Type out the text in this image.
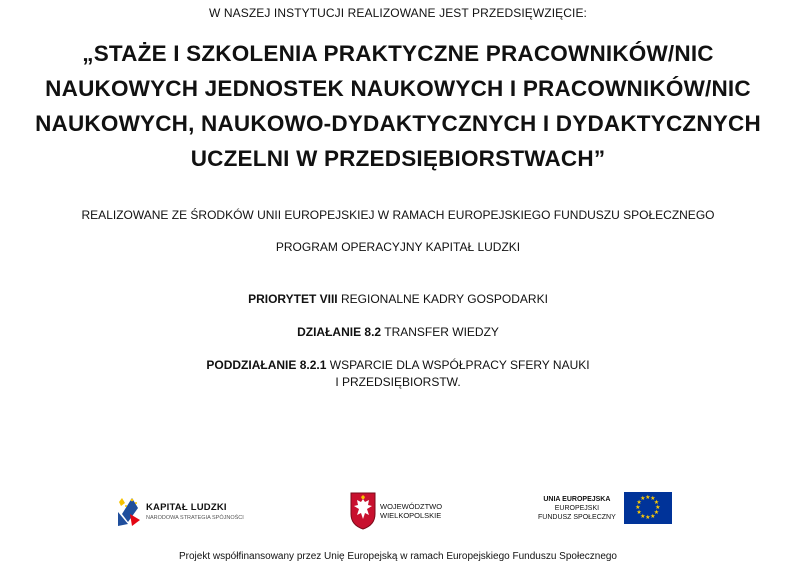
W NASZEJ INSTYTUCJI REALIZOWANE JEST PRZEDSIĘWZIĘCIE:
„STAŻE I SZKOLENIA PRAKTYCZNE PRACOWNIKÓW/NIC
NAUKOWYCH JEDNOSTEK NAUKOWYCH I PRACOWNIKÓW/NIC
NAUKOWYCH, NAUKOWO-DYDAKTYCZNYCH I DYDAKTYCZNYCH
UCZELNI W PRZEDSIĘBIORSTWACH”
REALIZOWANE ZE ŚRODKÓW UNII EUROPEJSKIEJ W RAMACH EUROPEJSKIEGO FUNDUSZU SPOŁECZNEGO
PROGRAM OPERACYJNY KAPITAŁ LUDZKI
PRIORYTET VIII REGIONALNE KADRY GOSPODARKI
DZIAŁANIE 8.2 TRANSFER WIEDZY
PODDZIAŁANIE 8.2.1 WSPARCIE DLA WSPÓŁPRACY SFERY NAUKI
I PRZEDSIĘBIORSTW.
KAPITAŁ LUDZKI
NARODOWA STRATEGIA SPÓJNOŚCI
WOJEWÓDZTWO
WIELKOPOLSKIE
UNIA EUROPEJSKA
EUROPEJSKI
FUNDUSZ SPOŁECZNY
★ ★
★
★
★
★
★
★
★
★
★
★
Projekt współfinansowany przez Unię Europejską w ramach Europejskiego Funduszu Społecznego
